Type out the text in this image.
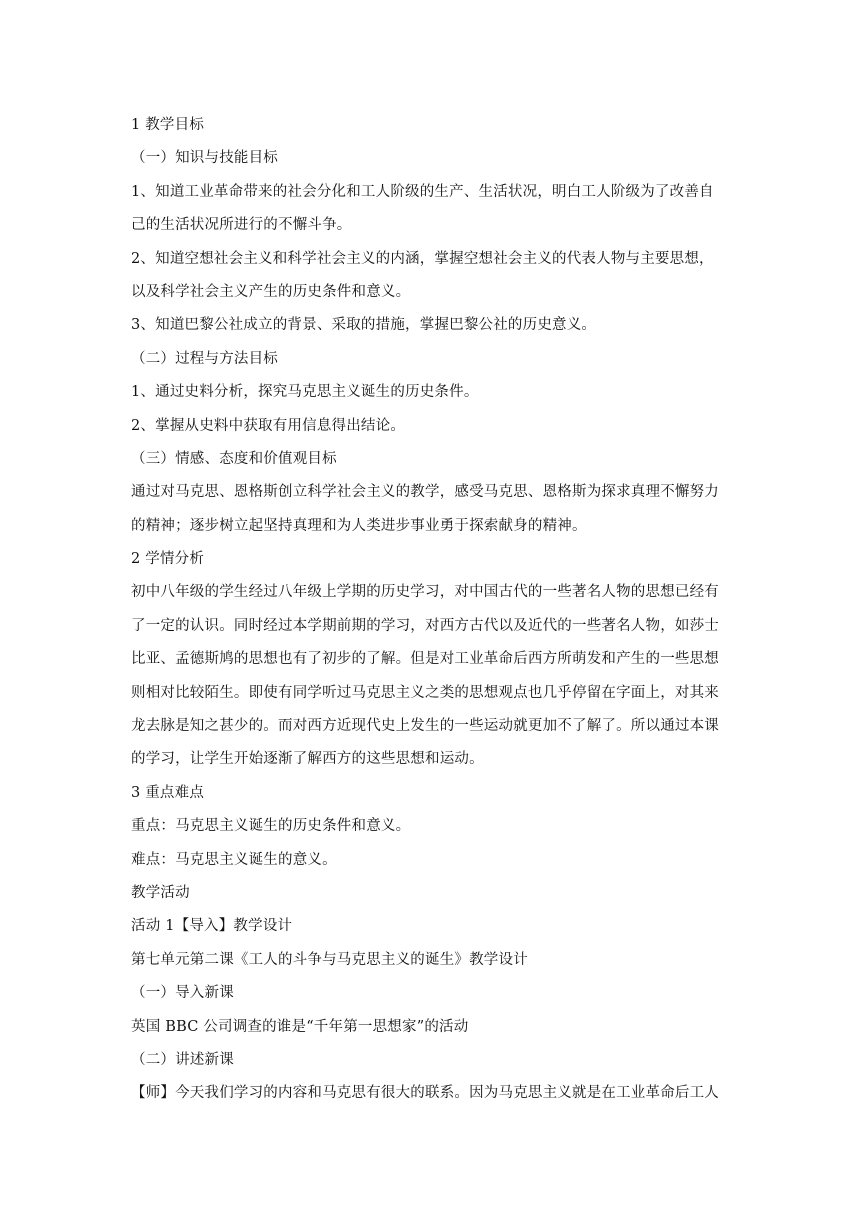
1 教学目标
（一）知识与技能目标
1、知道工业革命带来的社会分化和工人阶级的生产、生活状况，明白工人阶级为了改善自
己的生活状况所进行的不懈斗争。
2、知道空想社会主义和科学社会主义的内涵，掌握空想社会主义的代表人物与主要思想，
以及科学社会主义产生的历史条件和意义。
3、知道巴黎公社成立的背景、采取的措施，掌握巴黎公社的历史意义。
（二）过程与方法目标
1、通过史料分析，探究马克思主义诞生的历史条件。
2、掌握从史料中获取有用信息得出结论。
（三）情感、态度和价值观目标
通过对马克思、恩格斯创立科学社会主义的教学，感受马克思、恩格斯为探求真理不懈努力
的精神；逐步树立起坚持真理和为人类进步事业勇于探索献身的精神。
2 学情分析
初中八年级的学生经过八年级上学期的历史学习，对中国古代的一些著名人物的思想已经有
了一定的认识。同时经过本学期前期的学习，对西方古代以及近代的一些著名人物，如莎士
比亚、孟德斯鸠的思想也有了初步的了解。但是对工业革命后西方所萌发和产生的一些思想
则相对比较陌生。即使有同学听过马克思主义之类的思想观点也几乎停留在字面上，对其来
龙去脉是知之甚少的。而对西方近现代史上发生的一些运动就更加不了解了。所以通过本课
的学习，让学生开始逐渐了解西方的这些思想和运动。
3 重点难点
重点：马克思主义诞生的历史条件和意义。
难点：马克思主义诞生的意义。
教学活动
活动 1【导入】教学设计
第七单元第二课《工人的斗争与马克思主义的诞生》教学设计
（一）导入新课
英国 BBC 公司调查的谁是“千年第一思想家”的活动
（二）讲述新课
【师】今天我们学习的内容和马克思有很大的联系。因为马克思主义就是在工业革命后工人
